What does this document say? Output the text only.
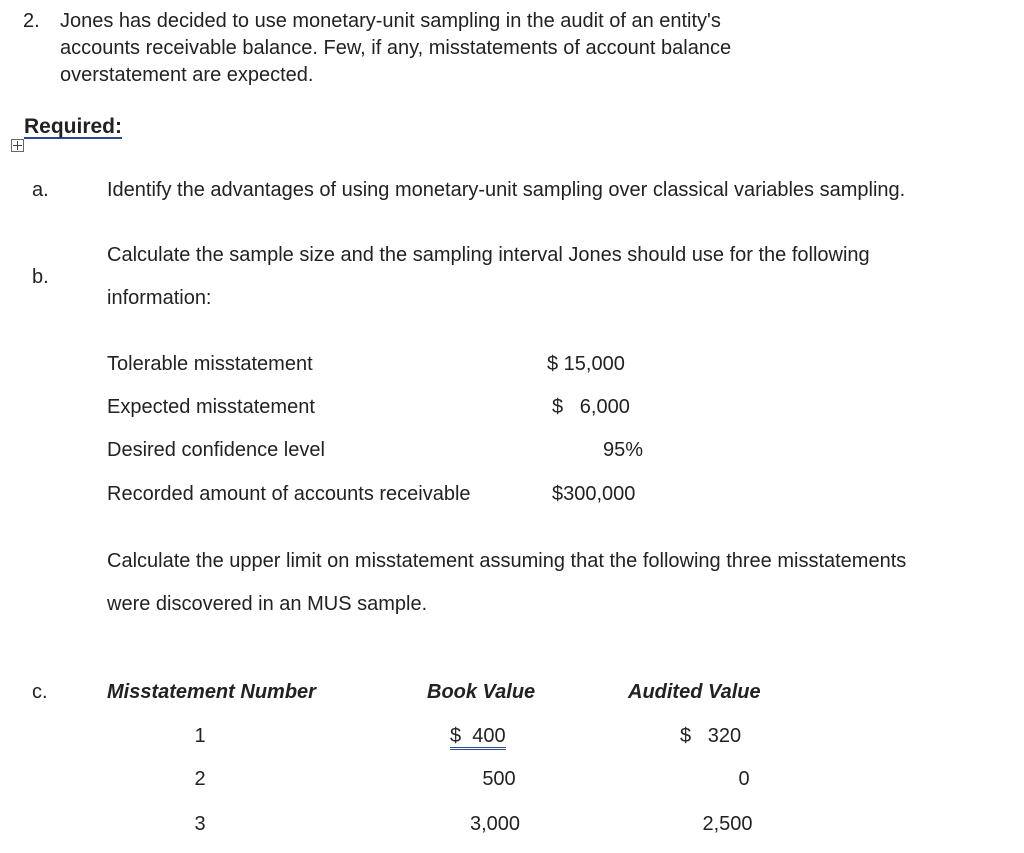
2. Jones has decided to use monetary-unit sampling in the audit of an entity's
accounts receivable balance. Few, if any, misstatements of account balance
overstatement are expected.
Required:
a.	Identify the advantages of using monetary-unit sampling over classical variables sampling.
b.
Calculate the sample size and the sampling interval Jones should use for the following
information:
Tolerable misstatement	$ 15,000
Expected misstatement	$   6,000
Desired confidence level	95%
Recorded amount of accounts receivable	$300,000
Calculate the upper limit on misstatement assuming that the following three misstatements
were discovered in an MUS sample.
c.	Misstatement Number	Book Value	Audited Value
1	$  400	$   320
2	500	0
3	3,000	2,500
